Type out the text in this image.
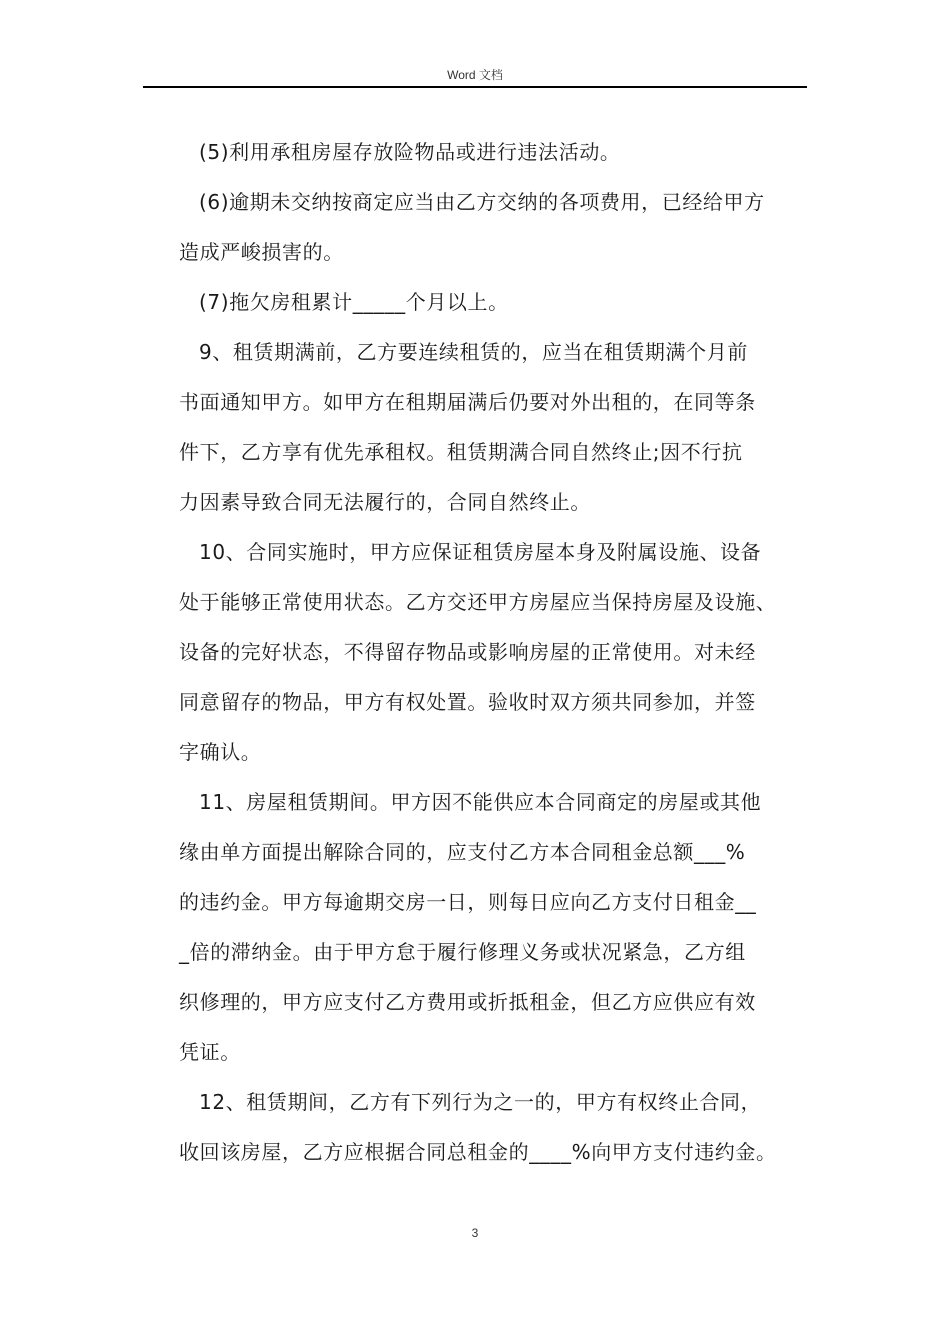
Word 文档
(5)利用承租房屋存放险物品或进行违法活动。
(6)逾期未交纳按商定应当由乙方交纳的各项费用，已经给甲方
造成严峻损害的。
(7)拖欠房租累计_____个月以上。
9、租赁期满前，乙方要连续租赁的，应当在租赁期满个月前
书面通知甲方。如甲方在租期届满后仍要对外出租的，在同等条
件下，乙方享有优先承租权。租赁期满合同自然终止;因不行抗
力因素导致合同无法履行的，合同自然终止。
10、合同实施时，甲方应保证租赁房屋本身及附属设施、设备
处于能够正常使用状态。乙方交还甲方房屋应当保持房屋及设施、
设备的完好状态，不得留存物品或影响房屋的正常使用。对未经
同意留存的物品，甲方有权处置。验收时双方须共同参加，并签
字确认。
11、房屋租赁期间。甲方因不能供应本合同商定的房屋或其他
缘由单方面提出解除合同的，应支付乙方本合同租金总额___%
的违约金。甲方每逾期交房一日，则每日应向乙方支付日租金__
_倍的滞纳金。由于甲方怠于履行修理义务或状况紧急，乙方组
织修理的，甲方应支付乙方费用或折抵租金，但乙方应供应有效
凭证。
12、租赁期间，乙方有下列行为之一的，甲方有权终止合同，
收回该房屋，乙方应根据合同总租金的____%向甲方支付违约金。
3
